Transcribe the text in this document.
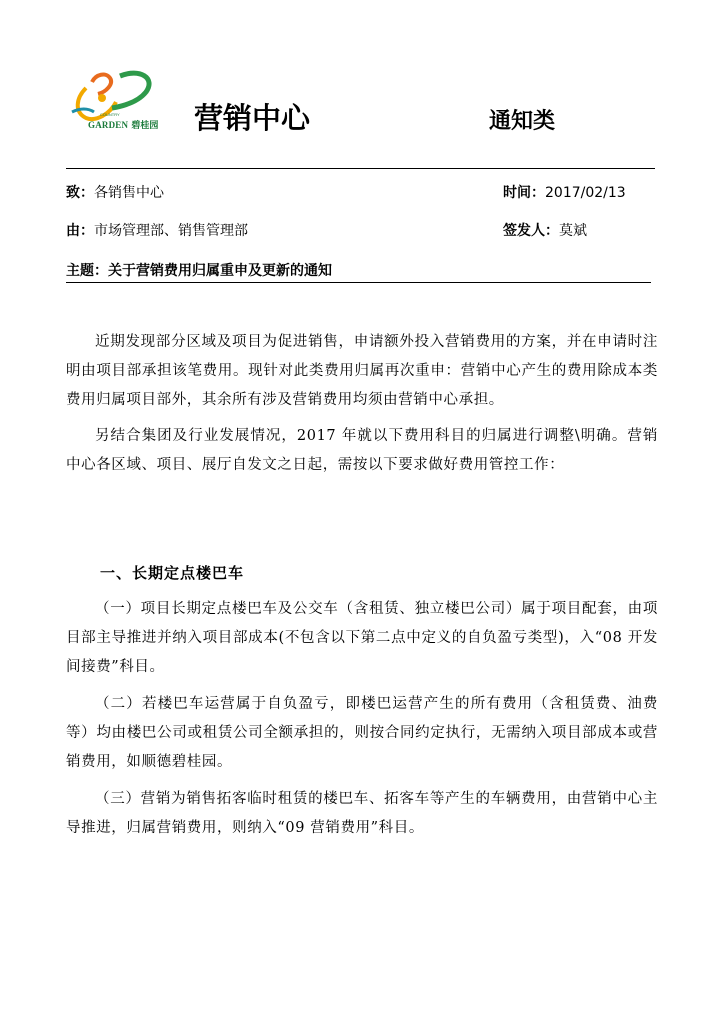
COUNTRY
GARDEN 碧桂园 营销中心	通知类
致：各销售中心	时间：2017/02/13
由：市场管理部、销售管理部	签发人：莫斌
主题：关于营销费用归属重申及更新的通知

近期发现部分区域及项目为促进销售，申请额外投入营销费用的方案，并在申请时注明由项目部承担该笔费用。现针对此类费用归属再次重申：营销中心产生的费用除成本类费用归属项目部外，其余所有涉及营销费用均须由营销中心承担。

另结合集团及行业发展情况，2017 年就以下费用科目的归属进行调整\明确。营销中心各区域、项目、展厅自发文之日起，需按以下要求做好费用管控工作：

一、长期定点楼巴车

（一）项目长期定点楼巴车及公交车（含租赁、独立楼巴公司）属于项目配套，由项目部主导推进并纳入项目部成本(不包含以下第二点中定义的自负盈亏类型)，入“08 开发间接费”科目。

（二）若楼巴车运营属于自负盈亏，即楼巴运营产生的所有费用（含租赁费、油费等）均由楼巴公司或租赁公司全额承担的，则按合同约定执行，无需纳入项目部成本或营销费用，如顺德碧桂园。

（三）营销为销售拓客临时租赁的楼巴车、拓客车等产生的车辆费用，由营销中心主导推进，归属营销费用，则纳入“09 营销费用”科目。
